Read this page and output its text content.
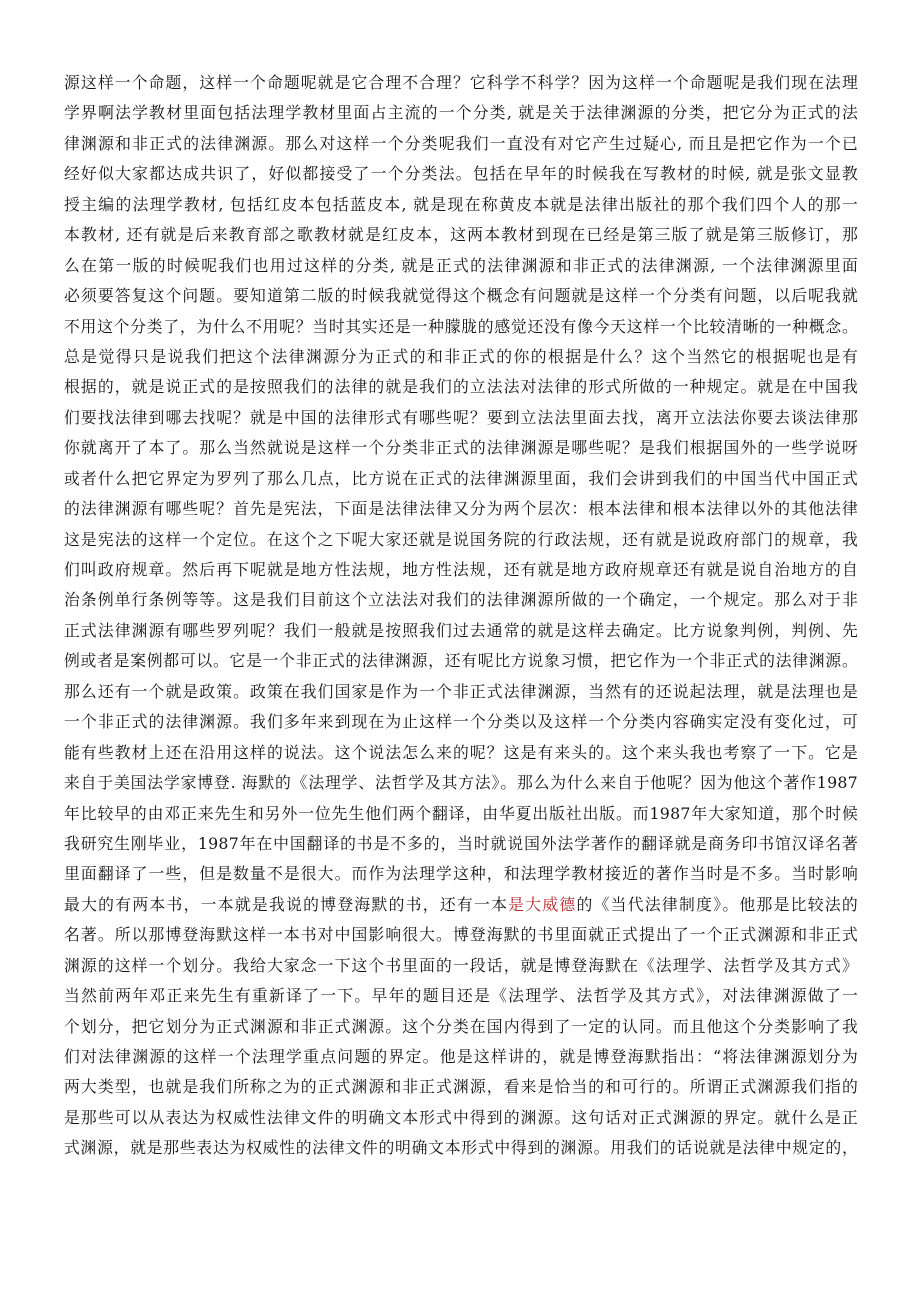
源这样一个命题，这样一个命题呢就是它合理不合理？它科学不科学？因为这样一个命题呢是我们现在法理
学界啊法学教材里面包括法理学教材里面占主流的一个分类, 就是关于法律渊源的分类，把它分为正式的法
律渊源和非正式的法律渊源。那么对这样一个分类呢我们一直没有对它产生过疑心, 而且是把它作为一个已
经好似大家都达成共识了，好似都接受了一个分类法。包括在早年的时候我在写教材的时候, 就是张文显教
授主编的法理学教材, 包括红皮本包括蓝皮本, 就是现在称黄皮本就是法律出版社的那个我们四个人的那一
本教材, 还有就是后来教育部之歌教材就是红皮本，这两本教材到现在已经是第三版了就是第三版修订，那
么在第一版的时候呢我们也用过这样的分类, 就是正式的法律渊源和非正式的法律渊源, 一个法律渊源里面
必须要答复这个问题。要知道第二版的时候我就觉得这个概念有问题就是这样一个分类有问题，以后呢我就
不用这个分类了，为什么不用呢？当时其实还是一种朦胧的感觉还没有像今天这样一个比较清晰的一种概念。
总是觉得只是说我们把这个法律渊源分为正式的和非正式的你的根据是什么？这个当然它的根据呢也是有
根据的，就是说正式的是按照我们的法律的就是我们的立法法对法律的形式所做的一种规定。就是在中国我
们要找法律到哪去找呢？就是中国的法律形式有哪些呢？要到立法法里面去找，离开立法法你要去谈法律那
你就离开了本了。那么当然就说是这样一个分类非正式的法律渊源是哪些呢？是我们根据国外的一些学说呀
或者什么把它界定为罗列了那么几点，比方说在正式的法律渊源里面，我们会讲到我们的中国当代中国正式
的法律渊源有哪些呢？首先是宪法，下面是法律法律又分为两个层次：根本法律和根本法律以外的其他法律
这是宪法的这样一个定位。在这个之下呢大家还就是说国务院的行政法规，还有就是说政府部门的规章，我
们叫政府规章。然后再下呢就是地方性法规，地方性法规，还有就是地方政府规章还有就是说自治地方的自
治条例单行条例等等。这是我们目前这个立法法对我们的法律渊源所做的一个确定，一个规定。那么对于非
正式法律渊源有哪些罗列呢？我们一般就是按照我们过去通常的就是这样去确定。比方说象判例，判例、先
例或者是案例都可以。它是一个非正式的法律渊源，还有呢比方说象习惯，把它作为一个非正式的法律渊源。
那么还有一个就是政策。政策在我们国家是作为一个非正式法律渊源，当然有的还说起法理，就是法理也是
一个非正式的法律渊源。我们多年来到现在为止这样一个分类以及这样一个分类内容确实定没有变化过，可
能有些教材上还在沿用这样的说法。这个说法怎么来的呢？这是有来头的。这个来头我也考察了一下。它是
来自于美国法学家博登. 海默的《法理学、法哲学及其方法》。那么为什么来自于他呢？因为他这个著作1987
年比较早的由邓正来先生和另外一位先生他们两个翻译，由华夏出版社出版。而1987年大家知道，那个时候
我研究生刚毕业，1987年在中国翻译的书是不多的，当时就说国外法学著作的翻译就是商务印书馆汉译名著
里面翻译了一些，但是数量不是很大。而作为法理学这种，和法理学教材接近的著作当时是不多。当时影响
最大的有两本书，一本就是我说的博登海默的书，还有一本是大威德的《当代法律制度》。他那是比较法的
名著。所以那博登海默这样一本书对中国影响很大。博登海默的书里面就正式提出了一个正式渊源和非正式
渊源的这样一个划分。我给大家念一下这个书里面的一段话，就是博登海默在《法理学、法哲学及其方式》
当然前两年邓正来先生有重新译了一下。早年的题目还是《法理学、法哲学及其方式》，对法律渊源做了一
个划分，把它划分为正式渊源和非正式渊源。这个分类在国内得到了一定的认同。而且他这个分类影响了我
们对法律渊源的这样一个法理学重点问题的界定。他是这样讲的，就是博登海默指出：“将法律渊源划分为
两大类型，也就是我们所称之为的正式渊源和非正式渊源，看来是恰当的和可行的。所谓正式渊源我们指的
是那些可以从表达为权威性法律文件的明确文本形式中得到的渊源。这句话对正式渊源的界定。就什么是正
式渊源，就是那些表达为权威性的法律文件的明确文本形式中得到的渊源。用我们的话说就是法律中规定的，
